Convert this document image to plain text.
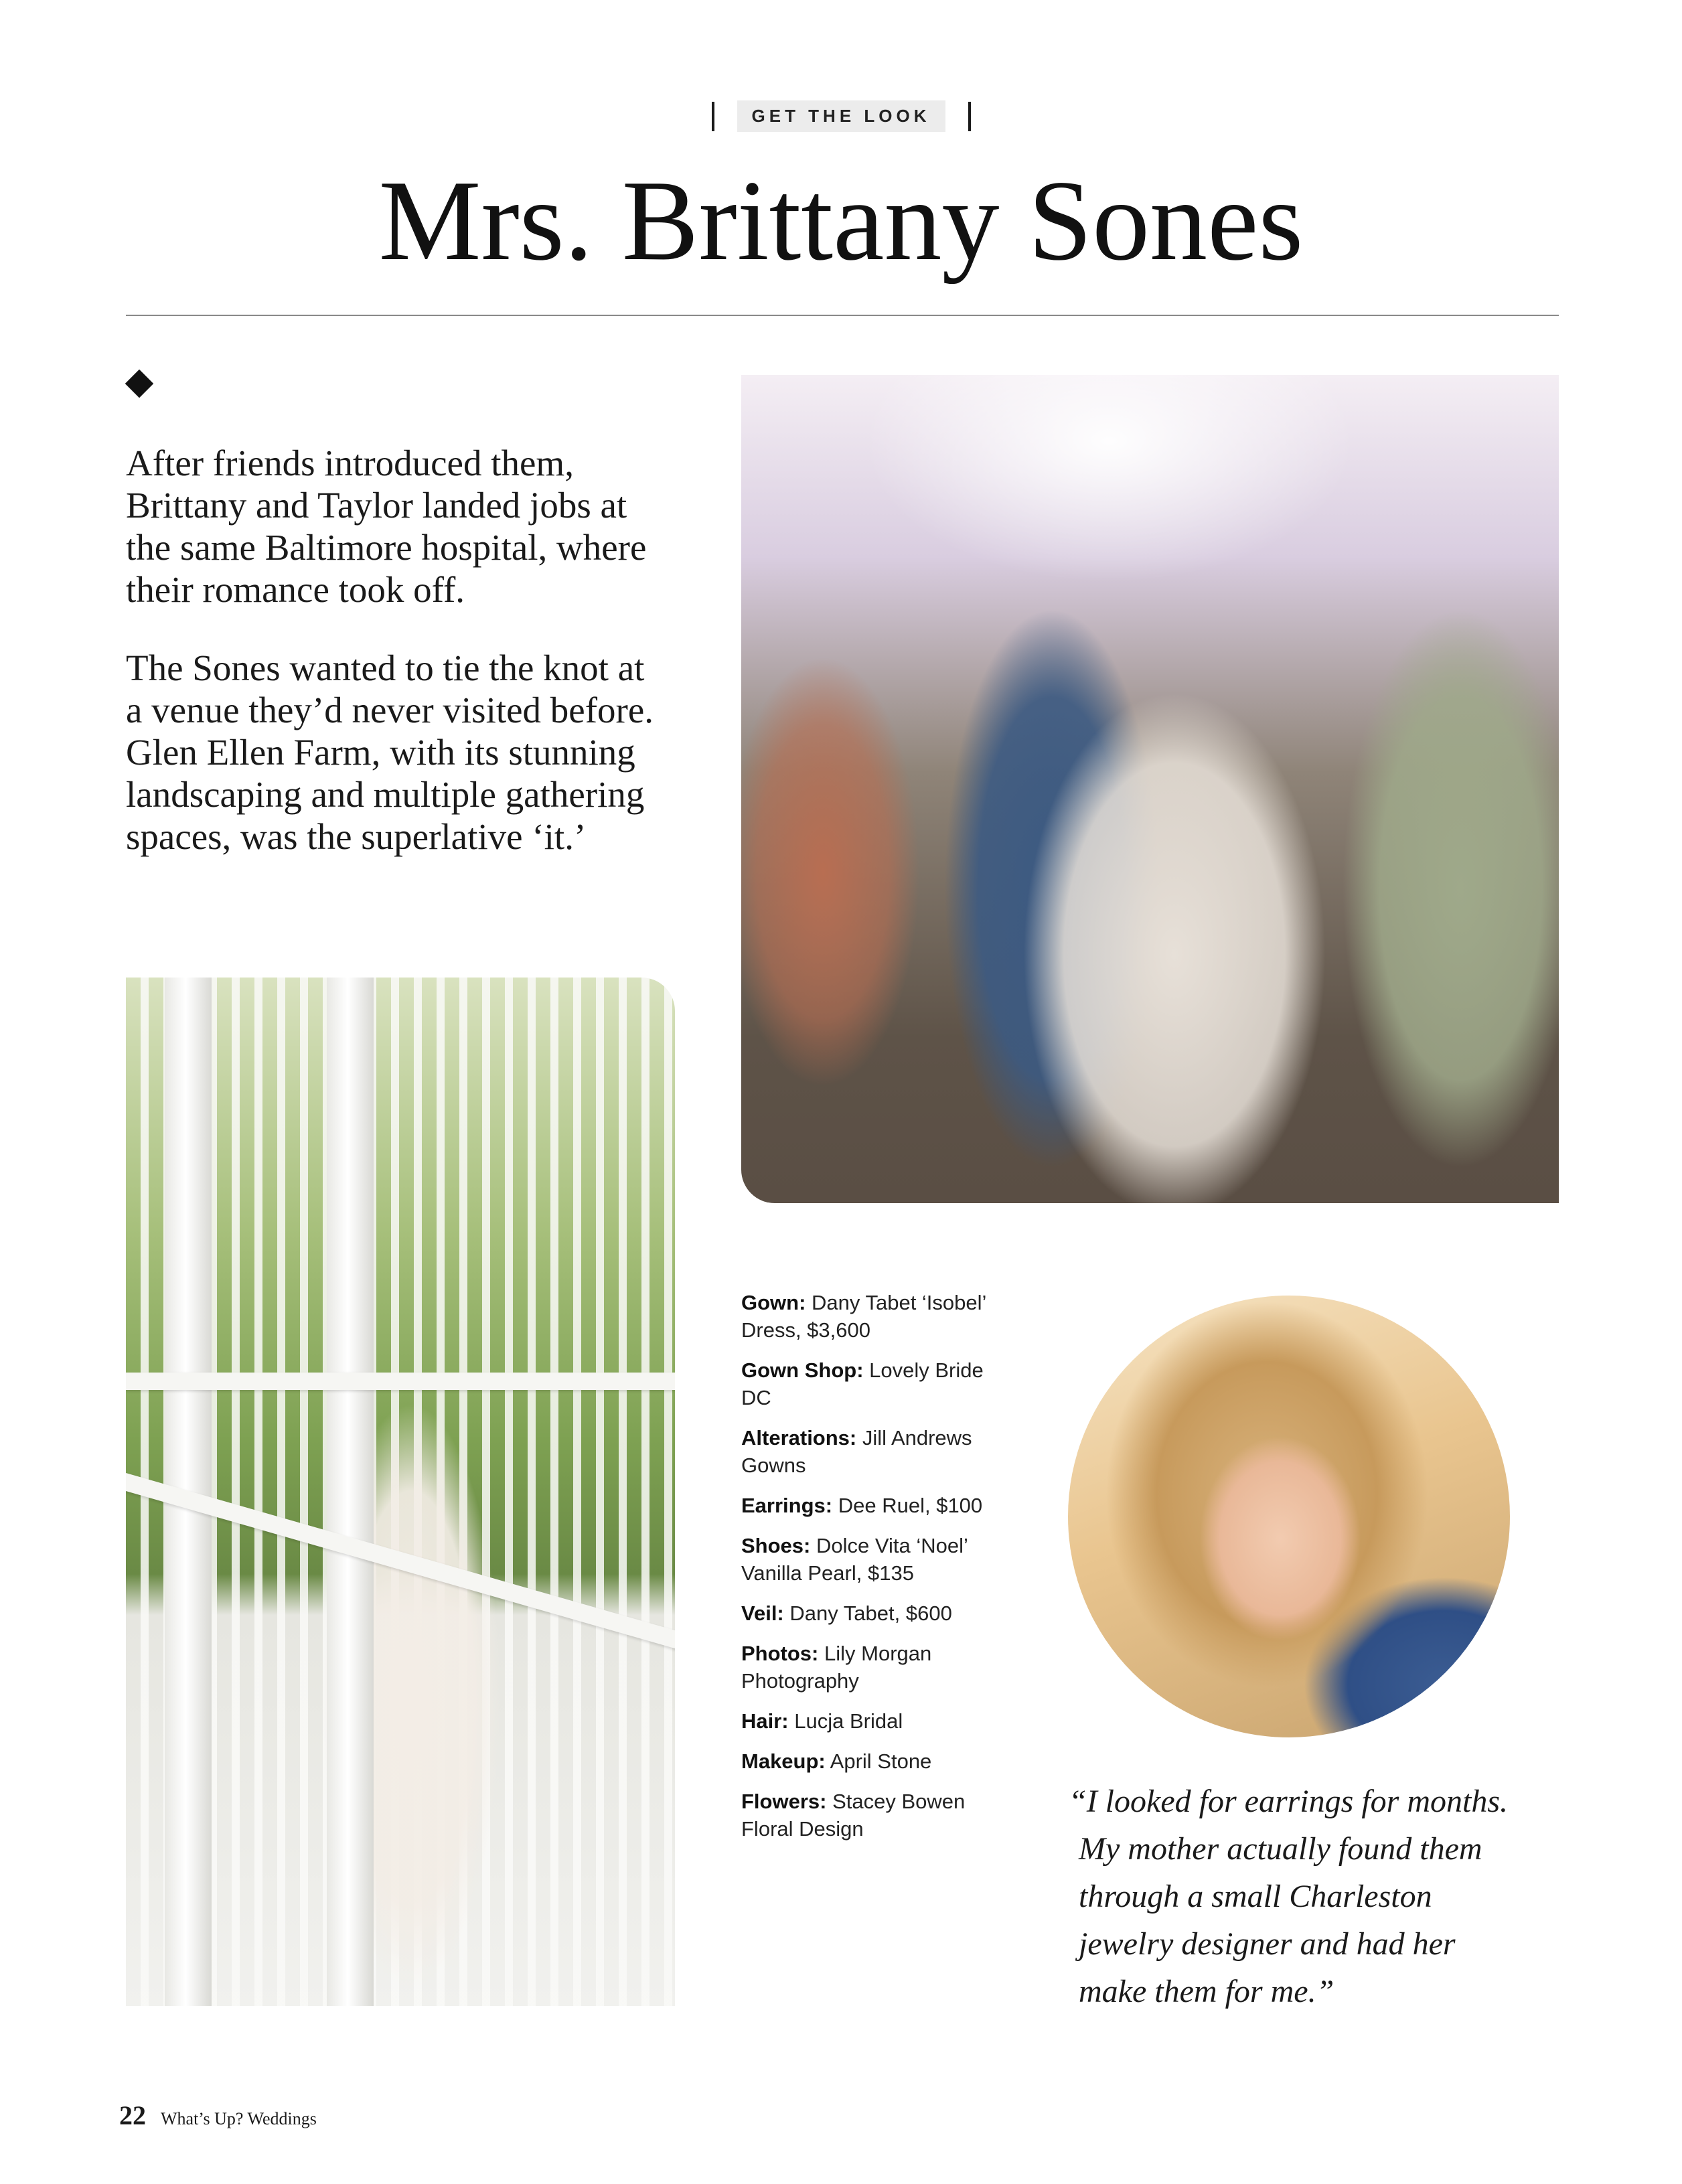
GET THE LOOK
Mrs. Brittany Sones

After friends introduced them, Brittany and Taylor landed jobs at the same Baltimore hospital, where their romance took off.

The Sones wanted to tie the knot at a venue they’d never visited before. Glen Ellen Farm, with its stunning landscaping and multiple gathering spaces, was the superlative ‘it.’

Gown: Dany Tabet ‘Isobel’ Dress, $3,600
Gown Shop: Lovely Bride DC
Alterations: Jill Andrews Gowns
Earrings: Dee Ruel, $100
Shoes: Dolce Vita ‘Noel’ Vanilla Pearl, $135
Veil: Dany Tabet, $600
Photos: Lily Morgan Photography
Hair: Lucja Bridal
Makeup: April Stone
Flowers: Stacey Bowen Floral Design
“I looked for earrings for months.
My mother actually found them
through a small Charleston
jewelry designer and had her
make them for me.”
22 What’s Up? Weddings
